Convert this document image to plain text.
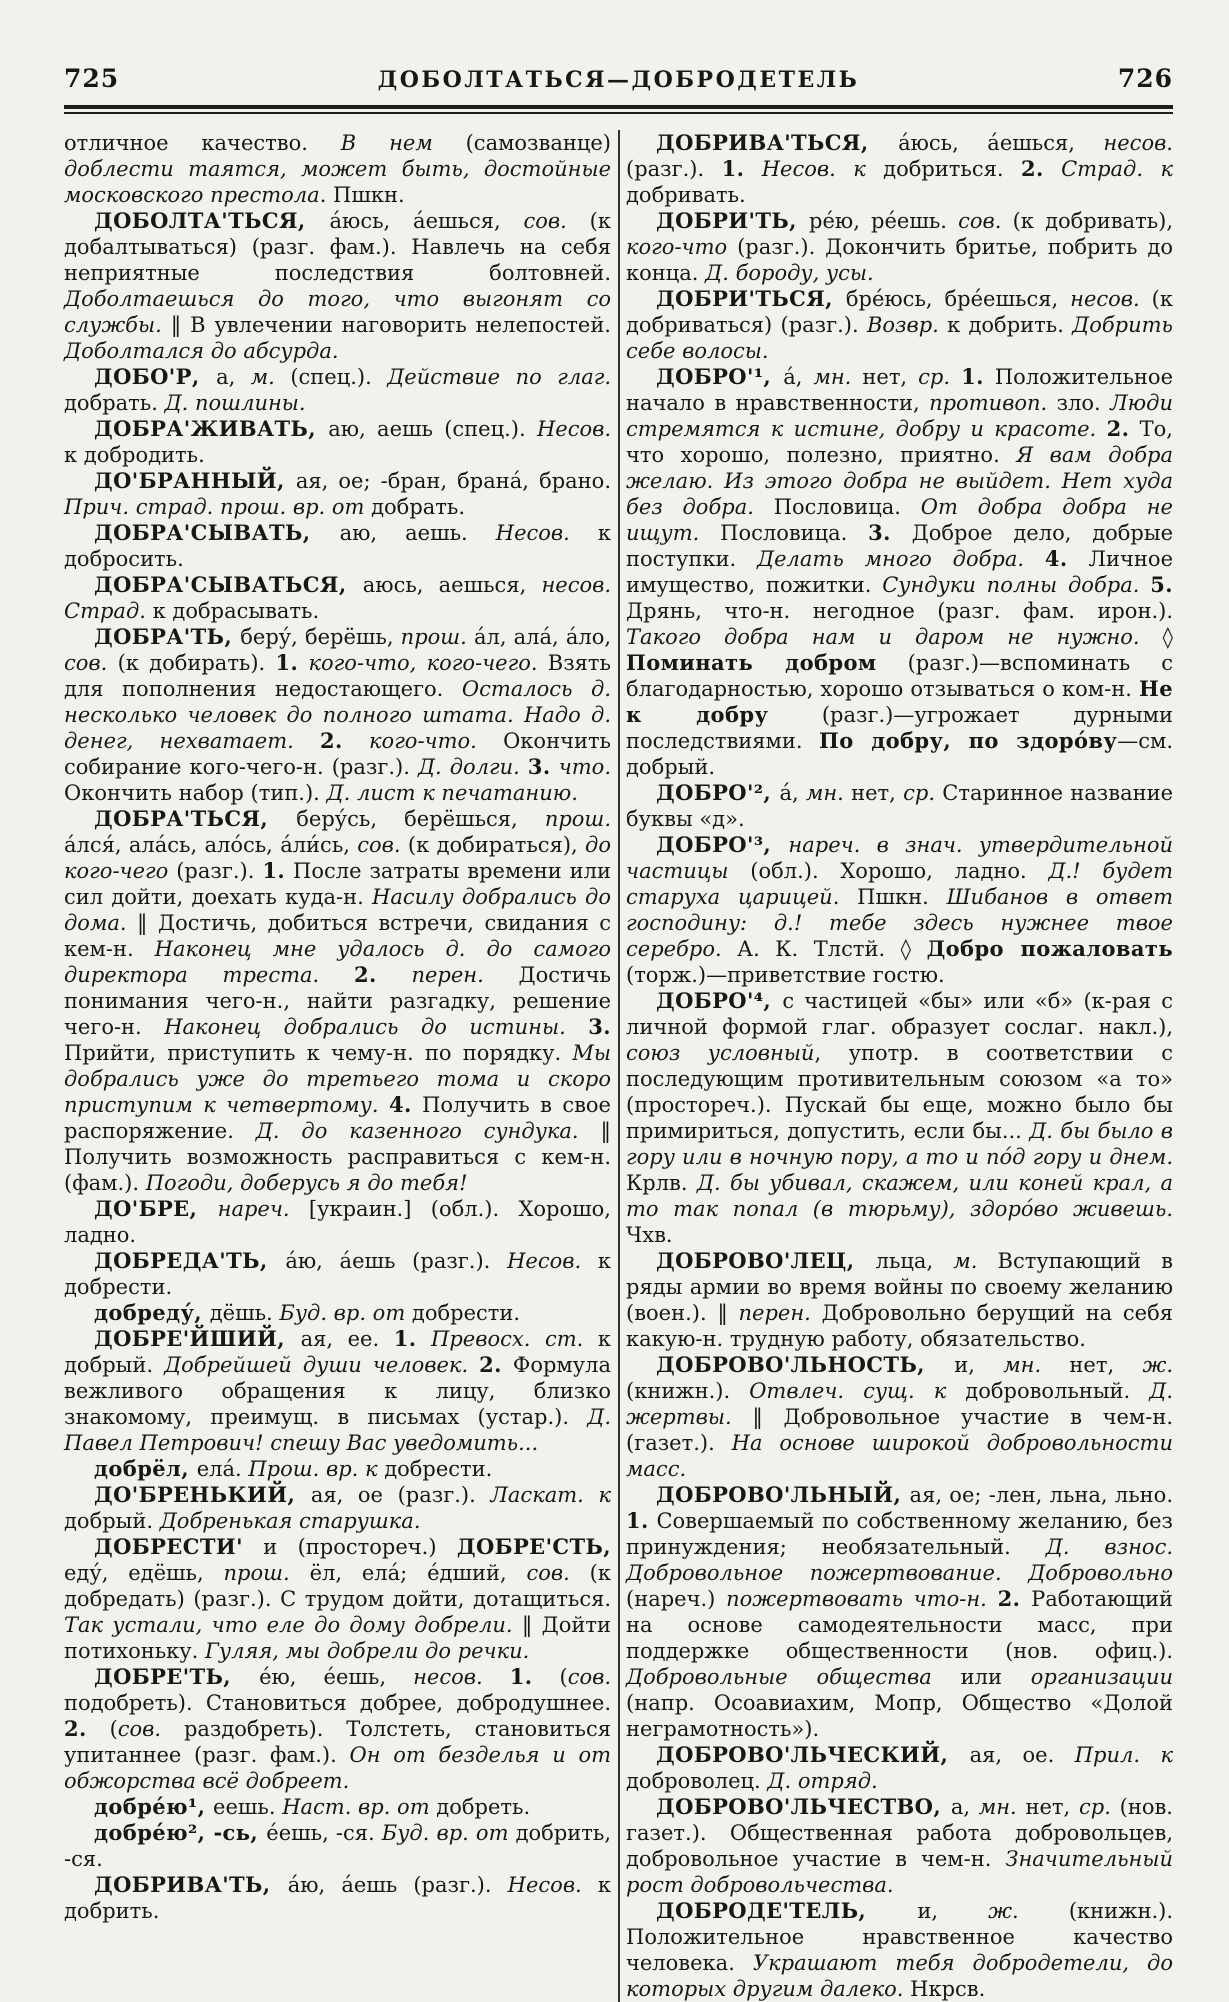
725	ДОБОЛТАТЬСЯ—ДОБРОДЕТЕЛЬ	726

отличное качество. В нем (самозванце) доблести таятся, может быть, достойные московского престола. Пшкн.

ДОБОЛТА'ТЬСЯ, а́юсь, а́ешься, сов. (к добалтываться) (разг. фам.). Навлечь на себя неприятные последствия болтовней. Доболтаешься до того, что выгонят со службы. ‖ В увлечении наговорить нелепостей. Доболтался до абсурда.

ДОБО'Р, а, м. (спец.). Действие по глаг. добрать. Д. пошлины.

ДОБРА'ЖИВАТЬ, аю, аешь (спец.). Несов. к добродить.

ДО'БРАННЫЙ, ая, ое; -бран, брана́, брано. Прич. страд. прош. вр. от добрать.

ДОБРА'СЫВАТЬ, аю, аешь. Несов. к добросить.

ДОБРА'СЫВАТЬСЯ, аюсь, аешься, несов. Страд. к добрасывать.

ДОБРА'ТЬ, беру́, берёшь, прош. а́л, ала́, а́ло, сов. (к добирать). 1. кого-что, кого-чего. Взять для пополнения недостающего. Осталось д. несколько человек до полного штата. Надо д. денег, нехватает. 2. кого-что. Окончить собирание кого-чего-н. (разг.). Д. долги. 3. что. Окончить набор (тип.). Д. лист к печатанию.

ДОБРА'ТЬСЯ, беру́сь, берёшься, прош. а́лся́, ала́сь, ало́сь, а́ли́сь, сов. (к добираться), до кого-чего (разг.). 1. После затраты времени или сил дойти, доехать куда-н. Насилу добрались до дома. ‖ Достичь, добиться встречи, свидания с кем-н. Наконец мне удалось д. до самого директора треста. 2. перен. Достичь понимания чего-н., найти разгадку, решение чего-н. Наконец добрались до истины. 3. Прийти, приступить к чему-н. по порядку. Мы добрались уже до третьего тома и скоро приступим к четвертому. 4. Получить в свое распоряжение. Д. до казенного сундука. ‖ Получить возможность расправиться с кем-н. (фам.). Погоди, доберусь я до тебя!

ДО'БРЕ, нареч. [украин.] (обл.). Хорошо, ладно.

ДОБРЕДА'ТЬ, а́ю, а́ешь (разг.). Несов. к добрести.

добреду́, дёшь. Буд. вр. от добрести.

ДОБРЕ'ЙШИЙ, ая, ее. 1. Превосх. ст. к добрый. Добрейшей души человек. 2. Формула вежливого обращения к лицу, близко знакомому, преимущ. в письмах (устар.). Д. Павел Петрович! спешу Вас уведомить...

добрёл, ела́. Прош. вр. к добрести.

ДО'БРЕНЬКИЙ, ая, ое (разг.). Ласкат. к добрый. Добренькая старушка.

ДОБРЕСТИ' и (простореч.) ДОБРЕ'СТЬ, еду́, едёшь, прош. ёл, ела́; е́дший, сов. (к добредать) (разг.). С трудом дойти, дотащиться. Так устали, что еле до дому добрели. ‖ Дойти потихоньку. Гуляя, мы добрели до речки.

ДОБРЕ'ТЬ, е́ю, е́ешь, несов. 1. (сов. подобреть). Становиться добрее, добродушнее. 2. (сов. раздобреть). Толстеть, становиться упитаннее (разг. фам.). Он от безделья и от обжорства всё добреет.

добре́ю¹, еешь. Наст. вр. от добреть.

добре́ю², -сь, е́ешь, -ся. Буд. вр. от добрить, -ся.

ДОБРИВА'ТЬ, а́ю, а́ешь (разг.). Несов. к добрить.

ДОБРИВА'ТЬСЯ, а́юсь, а́ешься, несов. (разг.). 1. Несов. к добриться. 2. Страд. к добривать.

ДОБРИ'ТЬ, ре́ю, ре́ешь. сов. (к добривать), кого-что (разг.). Докончить бритье, побрить до конца. Д. бороду, усы.

ДОБРИ'ТЬСЯ, бре́юсь, бре́ешься, несов. (к добриваться) (разг.). Возвр. к добрить. Добрить себе волосы.

ДОБРО'¹, а́, мн. нет, ср. 1. Положительное начало в нравственности, противоп. зло. Люди стремятся к истине, добру и красоте. 2. То, что хорошо, полезно, приятно. Я вам добра желаю. Из этого добра не выйдет. Нет худа без добра. Пословица. От добра добра не ищут. Пословица. 3. Доброе дело, добрые поступки. Делать много добра. 4. Личное имущество, пожитки. Сундуки полны добра. 5. Дрянь, что-н. негодное (разг. фам. ирон.). Такого добра нам и даром не нужно. ◊ Поминать добром (разг.)—вспоминать с благодарностью, хорошо отзываться о ком-н. Не к добру (разг.)—угрожает дурными последствиями. По добру, по здоро́ву—см. добрый.

ДОБРО'², а́, мн. нет, ср. Старинное название буквы «д».

ДОБРО'³, нареч. в знач. утвердительной частицы (обл.). Хорошо, ладно. Д.! будет старуха царицей. Пшкн. Шибанов в ответ господину: д.! тебе здесь нужнее твое серебро. А. К. Тлстй. ◊ Добро пожаловать (торж.)—приветствие гостю.

ДОБРО'⁴, с частицей «бы» или «б» (к-рая с личной формой глаг. образует сослаг. накл.), союз условный, употр. в соответствии с последующим противительным союзом «а то» (простореч.). Пускай бы еще, можно было бы примириться, допустить, если бы... Д. бы было в гору или в ночную пору, а то и по́д гору и днем. Крлв. Д. бы убивал, скажем, или коней крал, а то так попал (в тюрьму), здоро́во живешь. Чхв.

ДОБРОВО'ЛЕЦ, льца, м. Вступающий в ряды армии во время войны по своему желанию (воен.). ‖ перен. Добровольно берущий на себя какую-н. трудную работу, обязательство.

ДОБРОВО'ЛЬНОСТЬ, и, мн. нет, ж. (книжн.). Отвлеч. сущ. к добровольный. Д. жертвы. ‖ Добровольное участие в чем-н. (газет.). На основе широкой добровольности масс.

ДОБРОВО'ЛЬНЫЙ, ая, ое; -лен, льна, льно. 1. Совершаемый по собственному желанию, без принуждения; необязательный. Д. взнос. Добровольное пожертвование. Добровольно (нареч.) пожертвовать что-н. 2. Работающий на основе самодеятельности масс, при поддержке общественности (нов. офиц.). Добровольные общества или организации (напр. Осоавиахим, Мопр, Общество «Долой неграмотность»).

ДОБРОВО'ЛЬЧЕСКИЙ, ая, ое. Прил. к доброволец. Д. отряд.

ДОБРОВО'ЛЬЧЕСТВО, а, мн. нет, ср. (нов. газет.). Общественная работа добровольцев, добровольное участие в чем-н. Значительный рост добровольчества.

ДОБРОДЕ'ТЕЛЬ, и, ж. (книжн.). Положительное нравственное качество человека. Украшают тебя добродетели, до которых другим далеко. Нкрсв.
